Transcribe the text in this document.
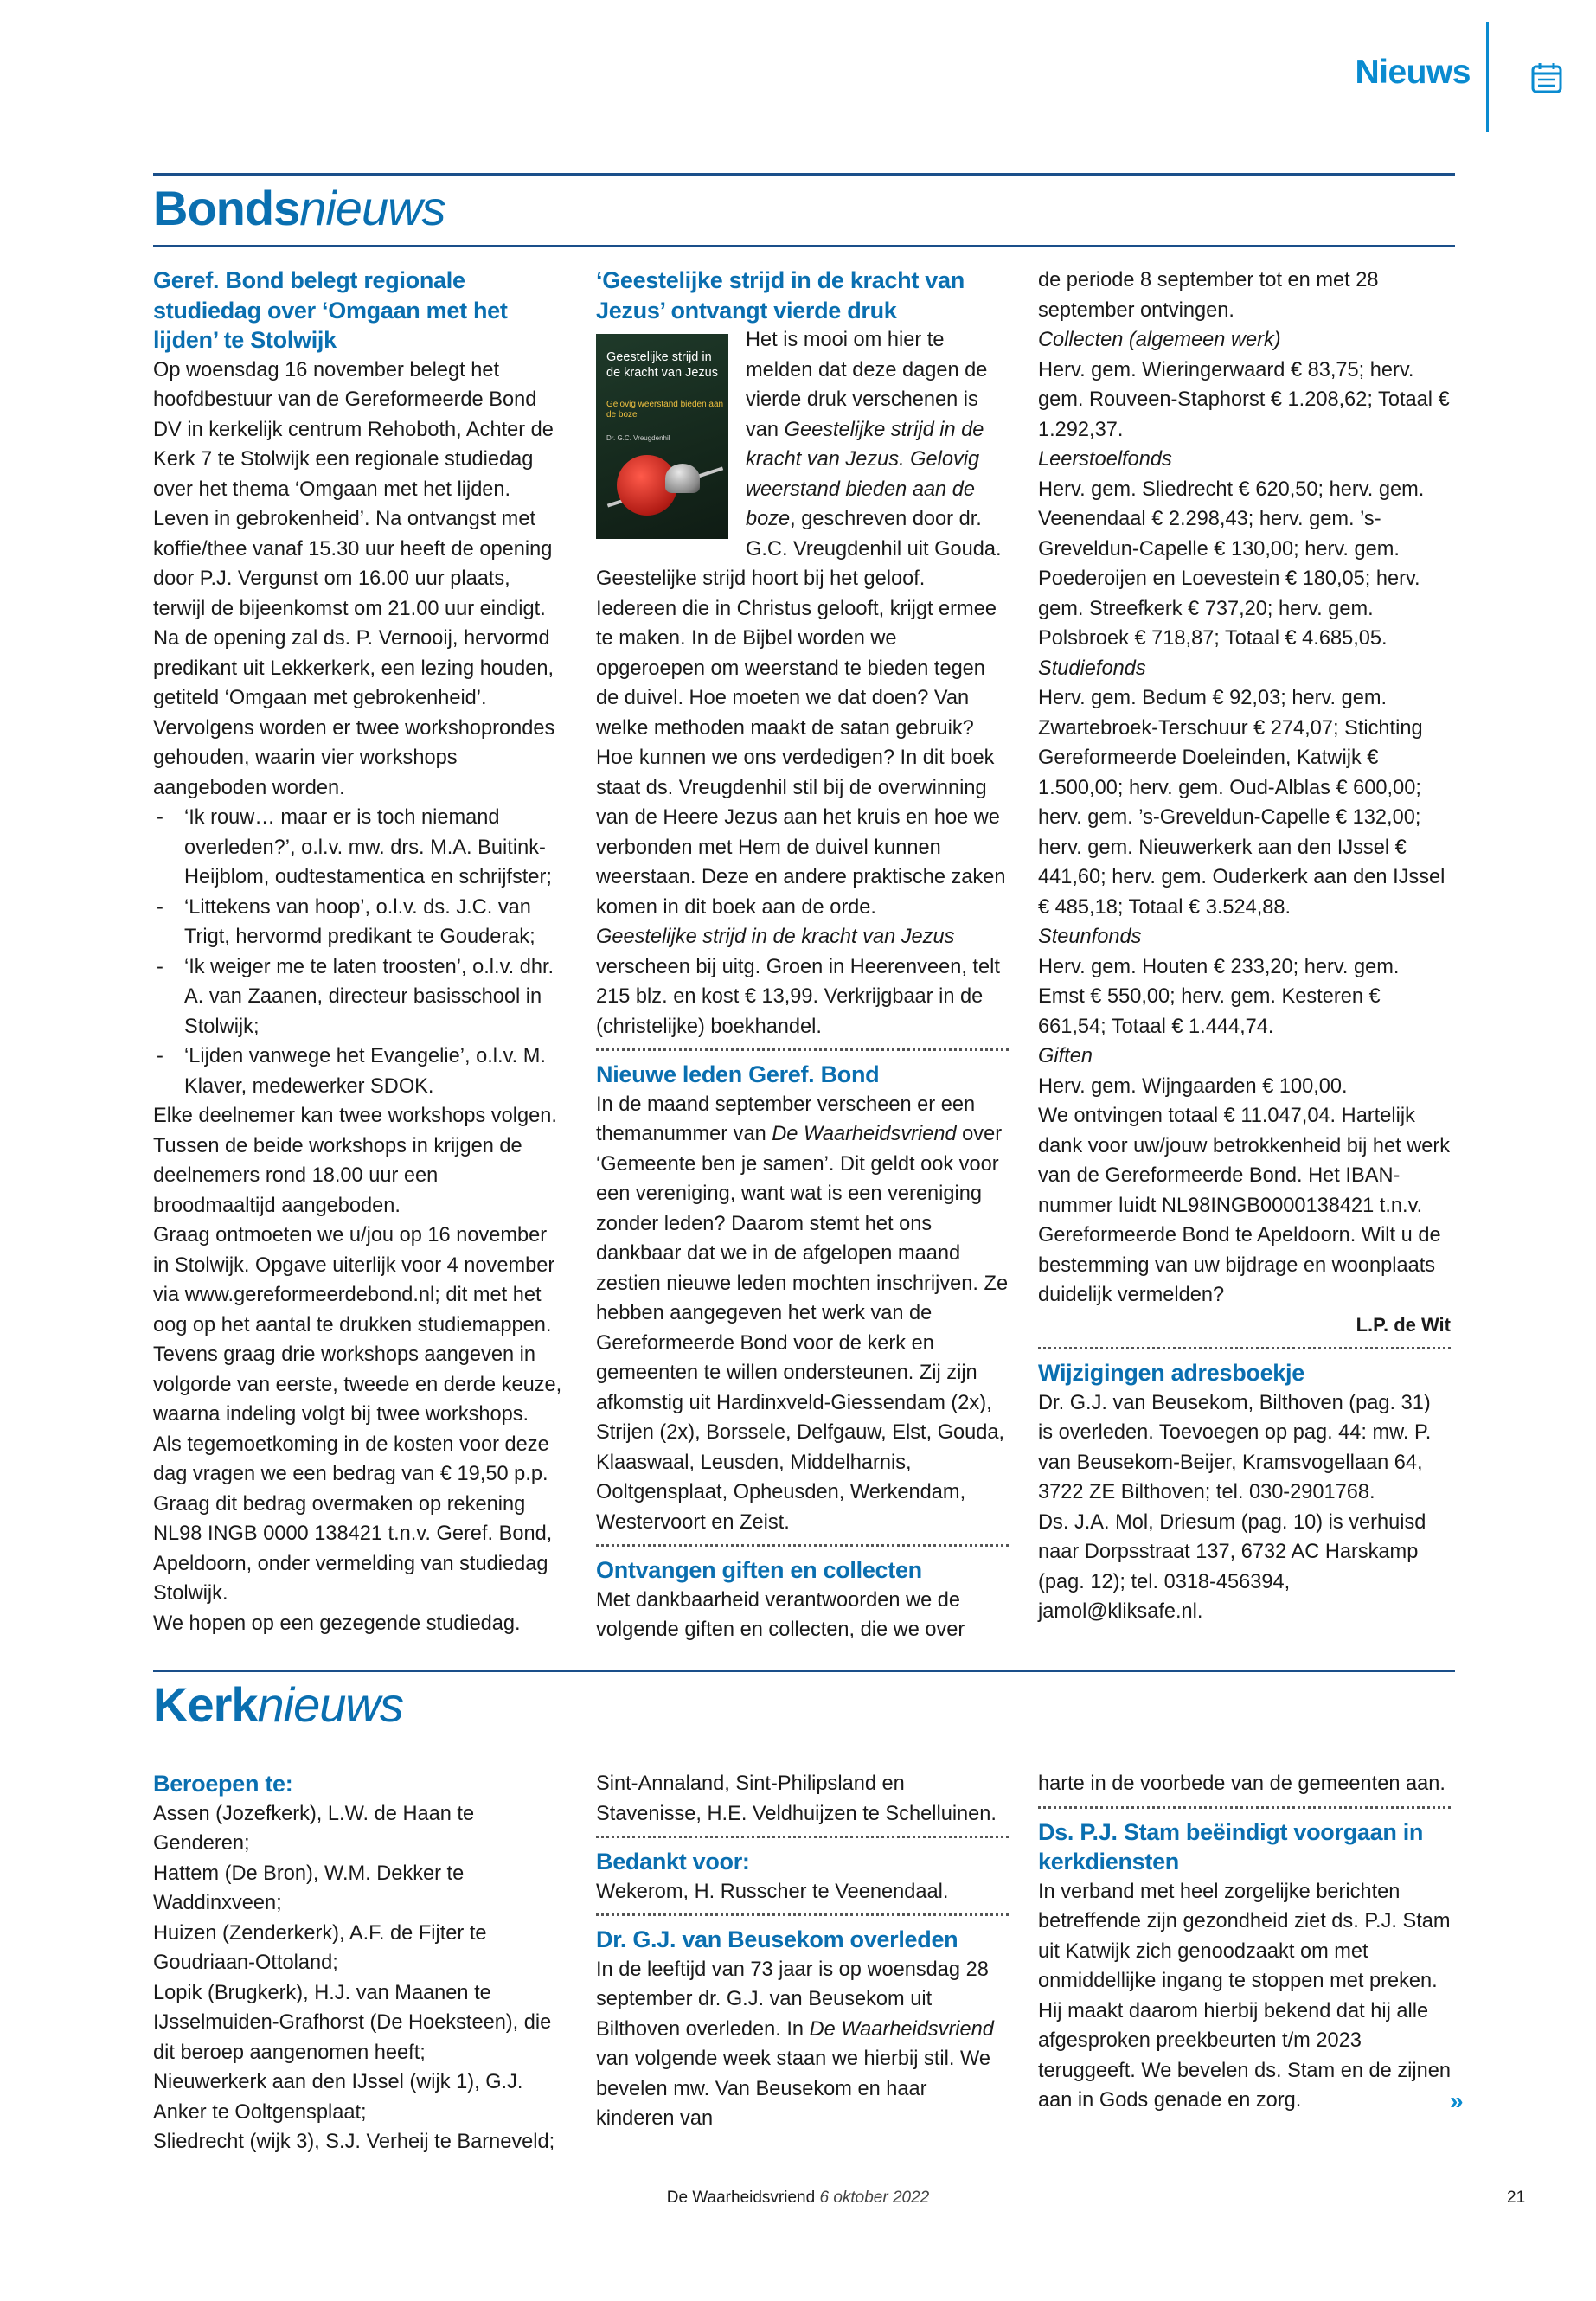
Nieuws
Bondsnieuws
Geref. Bond belegt regionale studiedag over ‘Omgaan met het lijden’ te Stolwijk

Op woensdag 16 november belegt het hoofdbestuur van de Gereformeerde Bond DV in kerkelijk centrum Rehoboth, Achter de Kerk 7 te Stolwijk een regionale studiedag over het thema ‘Omgaan met het lijden. Leven in gebrokenheid’. Na ontvangst met koffie/thee vanaf 15.30 uur heeft de opening door P.J. Vergunst om 16.00 uur plaats, terwijl de bijeenkomst om 21.00 uur eindigt. Na de opening zal ds. P. Vernooij, hervormd predikant uit Lekkerkerk, een lezing houden, getiteld ‘Omgaan met gebrokenheid’. Vervolgens worden er twee workshoprondes gehouden, waarin vier workshops aangeboden worden.

- ‘Ik rouw… maar er is toch niemand overleden?’, o.l.v. mw. drs. M.A. Buitink-Heijblom, oudtestamentica en schrijfster;
- ‘Littekens van hoop’, o.l.v. ds. J.C. van Trigt, hervormd predikant te Gouderak;
- ‘Ik weiger me te laten troosten’, o.l.v. dhr. A. van Zaanen, directeur basisschool in Stolwijk;
- ‘Lijden vanwege het Evangelie’, o.l.v. M. Klaver, medewerker SDOK.

Elke deelnemer kan twee workshops volgen. Tussen de beide workshops in krijgen de deelnemers rond 18.00 uur een broodmaaltijd aangeboden.

Graag ontmoeten we u/jou op 16 november in Stolwijk. Opgave uiterlijk voor 4 november via www.gereformeerdebond.nl; dit met het oog op het aantal te drukken studiemappen. Tevens graag drie workshops aangeven in volgorde van eerste, tweede en derde keuze, waarna indeling volgt bij twee workshops.

Als tegemoetkoming in de kosten voor deze dag vragen we een bedrag van € 19,50 p.p. Graag dit bedrag overmaken op rekening NL98 INGB 0000 138421 t.n.v. Geref. Bond, Apeldoorn, onder vermelding van studiedag Stolwijk.

We hopen op een gezegende studiedag.

‘Geestelijke strijd in de kracht van Jezus’ ontvangt vierde druk

Geestelijke strijd in de kracht van Jezus
Gelovig weerstand bieden aan de boze
Dr. G.C. Vreugdenhil
Het is mooi om hier te melden dat deze dagen de vierde druk verschenen is van Geestelijke strijd in de kracht van Jezus. Gelovig weerstand bieden aan de boze, geschreven door dr. G.C. Vreugdenhil uit Gouda. Geestelijke strijd hoort bij het geloof. Iedereen die in Christus gelooft, krijgt ermee te maken. In de Bijbel worden we opgeroepen om weerstand te bieden tegen de duivel. Hoe moeten we dat doen? Van welke methoden maakt de satan gebruik? Hoe kunnen we ons verdedigen? In dit boek staat ds. Vreugdenhil stil bij de overwinning van de Heere Jezus aan het kruis en hoe we verbonden met Hem de duivel kunnen weerstaan. Deze en andere praktische zaken komen in dit boek aan de orde.

Geestelijke strijd in de kracht van Jezus verscheen bij uitg. Groen in Heerenveen, telt 215 blz. en kost € 13,99. Verkrijgbaar in de (christelijke) boekhandel.

Nieuwe leden Geref. Bond

In de maand september verscheen er een themanummer van De Waarheidsvriend over ‘Gemeente ben je samen’. Dit geldt ook voor een vereniging, want wat is een vereniging zonder leden? Daarom stemt het ons dankbaar dat we in de afgelopen maand zestien nieuwe leden mochten inschrijven. Ze hebben aangegeven het werk van de Gereformeerde Bond voor de kerk en gemeenten te willen ondersteunen. Zij zijn afkomstig uit Hardinxveld-Giessendam (2x), Strijen (2x), Borssele, Delfgauw, Elst, Gouda, Klaaswaal, Leusden, Middelharnis, Ooltgensplaat, Opheusden, Werkendam, Westervoort en Zeist.

Ontvangen giften en collecten

Met dankbaarheid verantwoorden we de volgende giften en collecten, die we over

de periode 8 september tot en met 28 september ontvingen.

Collecten (algemeen werk)

Herv. gem. Wieringerwaard € 83,75; herv. gem. Rouveen-Staphorst € 1.208,62; Totaal € 1.292,37.

Leerstoelfonds

Herv. gem. Sliedrecht € 620,50; herv. gem. Veenendaal € 2.298,43; herv. gem. ’s-Greveldun-Capelle € 130,00; herv. gem. Poederoijen en Loevestein € 180,05; herv. gem. Streefkerk € 737,20; herv. gem. Polsbroek € 718,87; Totaal € 4.685,05.

Studiefonds

Herv. gem. Bedum € 92,03; herv. gem. Zwartebroek-Terschuur € 274,07; Stichting Gereformeerde Doeleinden, Katwijk € 1.500,00; herv. gem. Oud-Alblas € 600,00; herv. gem. ’s-Greveldun-Capelle € 132,00; herv. gem. Nieuwerkerk aan den IJssel € 441,60; herv. gem. Ouderkerk aan den IJssel € 485,18; Totaal € 3.524,88.

Steunfonds

Herv. gem. Houten € 233,20; herv. gem. Emst € 550,00; herv. gem. Kesteren € 661,54; Totaal € 1.444,74.

Giften

Herv. gem. Wijngaarden € 100,00.

We ontvingen totaal € 11.047,04. Hartelijk dank voor uw/jouw betrokkenheid bij het werk van de Gereformeerde Bond. Het IBAN-nummer luidt NL98INGB0000138421 t.n.v. Gereformeerde Bond te Apeldoorn. Wilt u de bestemming van uw bijdrage en woonplaats duidelijk vermelden?

L.P. de Wit

Wijzigingen adresboekje

Dr. G.J. van Beusekom, Bilthoven (pag. 31) is overleden. Toevoegen op pag. 44: mw. P. van Beusekom-Beijer, Kramsvogellaan 64, 3722 ZE Bilthoven; tel. 030-2901768.

Ds. J.A. Mol, Driesum (pag. 10) is verhuisd naar Dorpsstraat 137, 6732 AC Harskamp (pag. 12); tel. 0318-456394, jamol@kliksafe.nl.

Kerknieuws
Beroepen te:

Assen (Jozefkerk), L.W. de Haan te Genderen;

Hattem (De Bron), W.M. Dekker te Waddinxveen;

Huizen (Zenderkerk), A.F. de Fijter te Goudriaan-Ottoland;

Lopik (Brugkerk), H.J. van Maanen te IJsselmuiden-Grafhorst (De Hoeksteen), die dit beroep aangenomen heeft;

Nieuwerkerk aan den IJssel (wijk 1), G.J. Anker te Ooltgensplaat;

Sliedrecht (wijk 3), S.J. Verheij te Barneveld;

Sint-Annaland, Sint-Philipsland en Stavenisse, H.E. Veldhuijzen te Schelluinen.

Bedankt voor:

Wekerom, H. Russcher te Veenendaal.

Dr. G.J. van Beusekom overleden

In de leeftijd van 73 jaar is op woensdag 28 september dr. G.J. van Beusekom uit Bilthoven overleden. In De Waarheidsvriend van volgende week staan we hierbij stil. We bevelen mw. Van Beusekom en haar kinderen van

harte in de voorbede van de gemeenten aan.

Ds. P.J. Stam beëindigt voorgaan in kerkdiensten

In verband met heel zorgelijke berichten betreffende zijn gezondheid ziet ds. P.J. Stam uit Katwijk zich genoodzaakt om met onmiddellijke ingang te stoppen met preken. Hij maakt daarom hierbij bekend dat hij alle afgesproken preekbeurten t/m 2023 teruggeeft. We bevelen ds. Stam en de zijnen aan in Gods genade en zorg.	»
De Waarheidsvriend 6 oktober 2022	21
